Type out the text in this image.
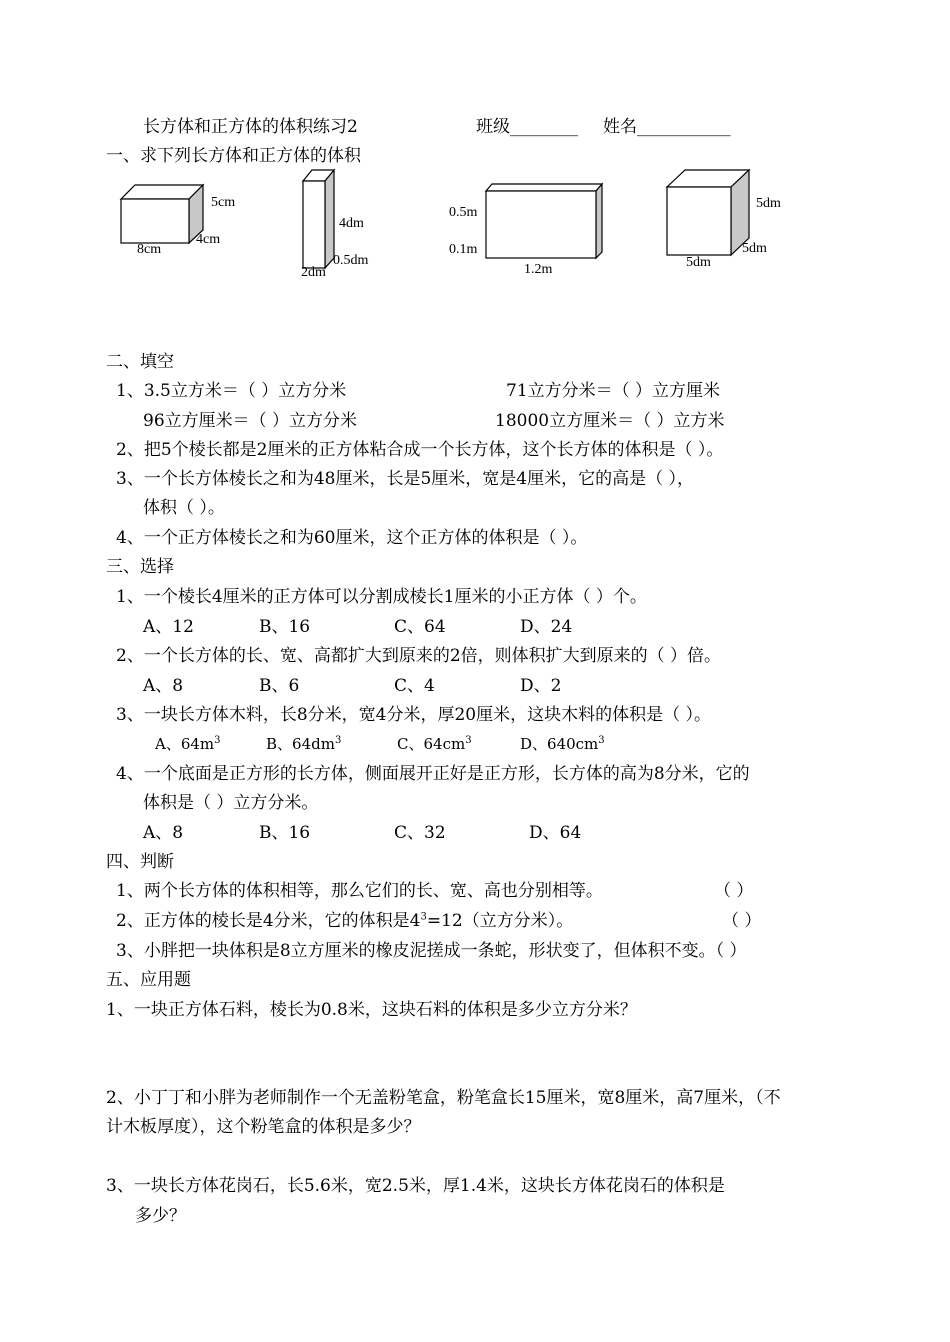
长方体和正方体的体积练习2	班级________ 姓名___________
一、求下列长方体和正方体的体积
5cm
4cm
8cm
4dm
0.5dm
2dm
0.5m
0.1m
1.2m
5dm
5dm
5dm
二、填空
1、3.5立方米＝（ ）立方分米	71立方分米＝（ ）立方厘米
96立方厘米＝（ ）立方分米	18000立方厘米＝（ ）立方米
2、把5个棱长都是2厘米的正方体粘合成一个长方体，这个长方体的体积是（ ）。
3、一个长方体棱长之和为48厘米，长是5厘米，宽是4厘米，它的高是（ ），
体积（ ）。
4、一个正方体棱长之和为60厘米，这个正方体的体积是（ ）。
三、选择
1、一个棱长4厘米的正方体可以分割成棱长1厘米的小正方体（ ）个。
A、12	B、16	C、64	D、24
2、一个长方体的长、宽、高都扩大到原来的2倍，则体积扩大到原来的（ ）倍。
A、8	B、6	C、4	D、2
3、一块长方体木料，长8分米，宽4分米，厚20厘米，这块木料的体积是（ ）。
A、$64m^3$	B、$64dm^3$	C、$64cm^3$	D、$640cm^3$
4、一个底面是正方形的长方体，侧面展开正好是正方形，长方体的高为8分米，它的
体积是（ ）立方分米。
A、8	B、16	C、32	D、64
四、判断
1、两个长方体的体积相等，那么它们的长、宽、高也分别相等。	（ ）
2、正方体的棱长是4分米，它的体积是$4^3=12$（立方分米）。	（ ）
3、小胖把一块体积是8立方厘米的橡皮泥搓成一条蛇，形状变了，但体积不变。（ ）
五、应用题
1、一块正方体石料，棱长为0.8米，这块石料的体积是多少立方分米？
2、小丁丁和小胖为老师制作一个无盖粉笔盒，粉笔盒长15厘米，宽8厘米，高7厘米，（不
计木板厚度），这个粉笔盒的体积是多少？
3、一块长方体花岗石，长5.6米，宽2.5米，厚1.4米，这块长方体花岗石的体积是
多少？
